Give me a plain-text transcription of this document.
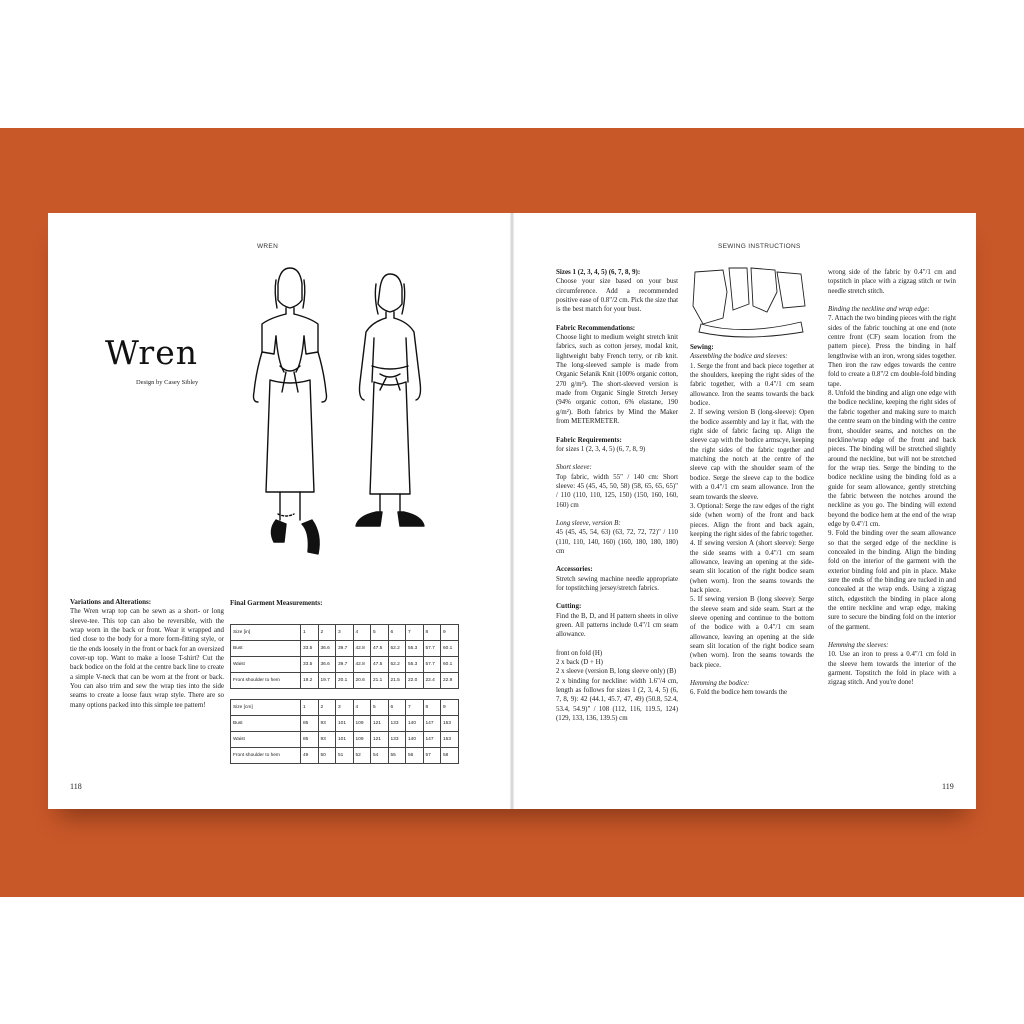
WREN
Wren
Design by Casey Sibley
Variations and Alterations:

The Wren wrap top can be sewn as a short- or long sleeve-tee. This top can also be reversible, with the wrap worn in the back or front. Wear it wrapped and tied close to the body for a more form-fitting style, or tie the ends loosely in the front or back for an oversized cover-up top. Want to make a loose T-shirt? Cut the back bodice on the fold at the centre back line to create a simple V-neck that can be worn at the front or back. You can also trim and sew the wrap ties into the side seams to create a loose faux wrap style. There are so many options packed into this simple tee pattern!

Final Garment Measurements:
Size [in]	1	2	3	4	5	6	7	8	9
Bust	33.5	36.6	39.7	42.8	47.5	52.2	55.3	57.7	60.1
Waist	33.5	36.6	39.7	42.8	47.5	52.2	55.3	57.7	60.1
Front shoulder to hem	19.2	19.7	20.1	20.6	21.1	21.5	22.0	22.4	22.9
Size [cm]	1	2	3	4	5	6	7	8	9
Bust	85	93	101	109	121	133	140	147	153
Waist	85	93	101	109	121	133	140	147	153
Front shoulder to hem	49	50	51	52	54	55	56	57	58
118
SEWING INSTRUCTIONS
Sizes 1 (2, 3, 4, 5) (6, 7, 8, 9):

Choose your size based on your bust circumference. Add a recommended positive ease of 0.8"/2 cm. Pick the size that is the best match for your bust.

Fabric Recommendations:

Choose light to medium weight stretch knit fabrics, such as cotton jersey, modal knit, lightweight baby French terry, or rib knit. The long-sleeved sample is made from Organic Selanik Knit (100% organic cotton, 270 g/m²). The short-sleeved version is made from Organic Single Stretch Jersey (94% organic cotton, 6% elastane, 190 g/m²). Both fabrics by Mind the Maker from METERMETER.

Fabric Requirements:

for sizes 1 (2, 3, 4, 5) (6, 7, 8, 9)

Short sleeve:

Top fabric, width 55" / 140 cm: Short sleeve: 45 (45, 45, 50, 58) (58, 65, 65, 65)" / 110 (110, 110, 125, 150) (150, 160, 160, 160) cm

Long sleeve, version B:

45 (45, 45, 54, 63) (63, 72, 72, 72)" / 110 (110, 110, 140, 160) (160, 180, 180, 180) cm

Accessories:

Stretch sewing machine needle appropriate for topstitching jersey/stretch fabrics.

Cutting:

Find the B, D, and H pattern sheets in olive green. All patterns include 0.4"/1 cm seam allowance.

front on fold (H)

2 x back (D + H)

2 x sleeve (version B, long sleeve only) (B)

2 x binding for neckline: width 1.6"/4 cm, length as follows for sizes 1 (2, 3, 4, 5) (6, 7, 8, 9): 42 (44.1, 45.7, 47, 49) (50.8, 52.4, 53.4, 54.9)" / 108 (112, 116, 119.5, 124) (129, 133, 136, 139.5) cm

Sewing:

Assembling the bodice and sleeves:

1. Serge the front and back piece together at the shoulders, keeping the right sides of the fabric together, with a 0.4"/1 cm seam allowance. Iron the seams towards the back bodice.

2. If sewing version B (long-sleeve): Open the bodice assembly and lay it flat, with the right side of fabric facing up. Align the sleeve cap with the bodice armscye, keeping the right sides of the fabric together and matching the notch at the centre of the sleeve cap with the shoulder seam of the bodice. Serge the sleeve cap to the bodice with a 0.4"/1 cm seam allowance. Iron the seam towards the sleeve.

3. Optional: Serge the raw edges of the right side (when worn) of the front and back pieces. Align the front and back again, keeping the right sides of the fabric together.

4. If sewing version A (short sleeve): Serge the side seams with a 0.4"/1 cm seam allowance, leaving an opening at the side-seam slit location of the right bodice seam (when worn). Iron the seams towards the back piece.

5. If sewing version B (long sleeve): Serge the sleeve seam and side seam. Start at the sleeve opening and continue to the bottom of the bodice with a 0.4"/1 cm seam allowance, leaving an opening at the side seam slit location of the right bodice seam (when worn). Iron the seams towards the back piece.

Hemming the bodice:

6. Fold the bodice hem towards the

wrong side of the fabric by 0.4"/1 cm and topstitch in place with a zigzag stitch or twin needle stretch stitch.

Binding the neckline and wrap edge:

7. Attach the two binding pieces with the right sides of the fabric touching at one end (note centre front (CF) seam location from the pattern piece). Press the binding in half lengthwise with an iron, wrong sides together. Then iron the raw edges towards the centre fold to create a 0.8"/2 cm double-fold binding tape.

8. Unfold the binding and align one edge with the bodice neckline, keeping the right sides of the fabric together and making sure to match the centre seam on the binding with the centre front, shoulder seams, and notches on the neckline/wrap edge of the front and back pieces. The binding will be stretched slightly around the neckline, but will not be stretched for the wrap ties. Serge the binding to the bodice neckline using the binding fold as a guide for seam allowance, gently stretching the fabric between the notches around the neckline as you go. The binding will extend beyond the bodice hem at the end of the wrap edge by 0.4"/1 cm.

9. Fold the binding over the seam allowance so that the serged edge of the neckline is concealed in the binding. Align the binding fold on the interior of the garment with the exterior binding fold and pin in place. Make sure the ends of the binding are tucked in and concealed at the wrap ends. Using a zigzag stitch, edgestitch the binding in place along the entire neckline and wrap edge, making sure to secure the binding fold on the interior of the garment.

Hemming the sleeves:

10. Use an iron to press a 0.4"/1 cm fold in the sleeve hem towards the interior of the garment. Topstitch the fold in place with a zigzag stitch. And you're done!

119
